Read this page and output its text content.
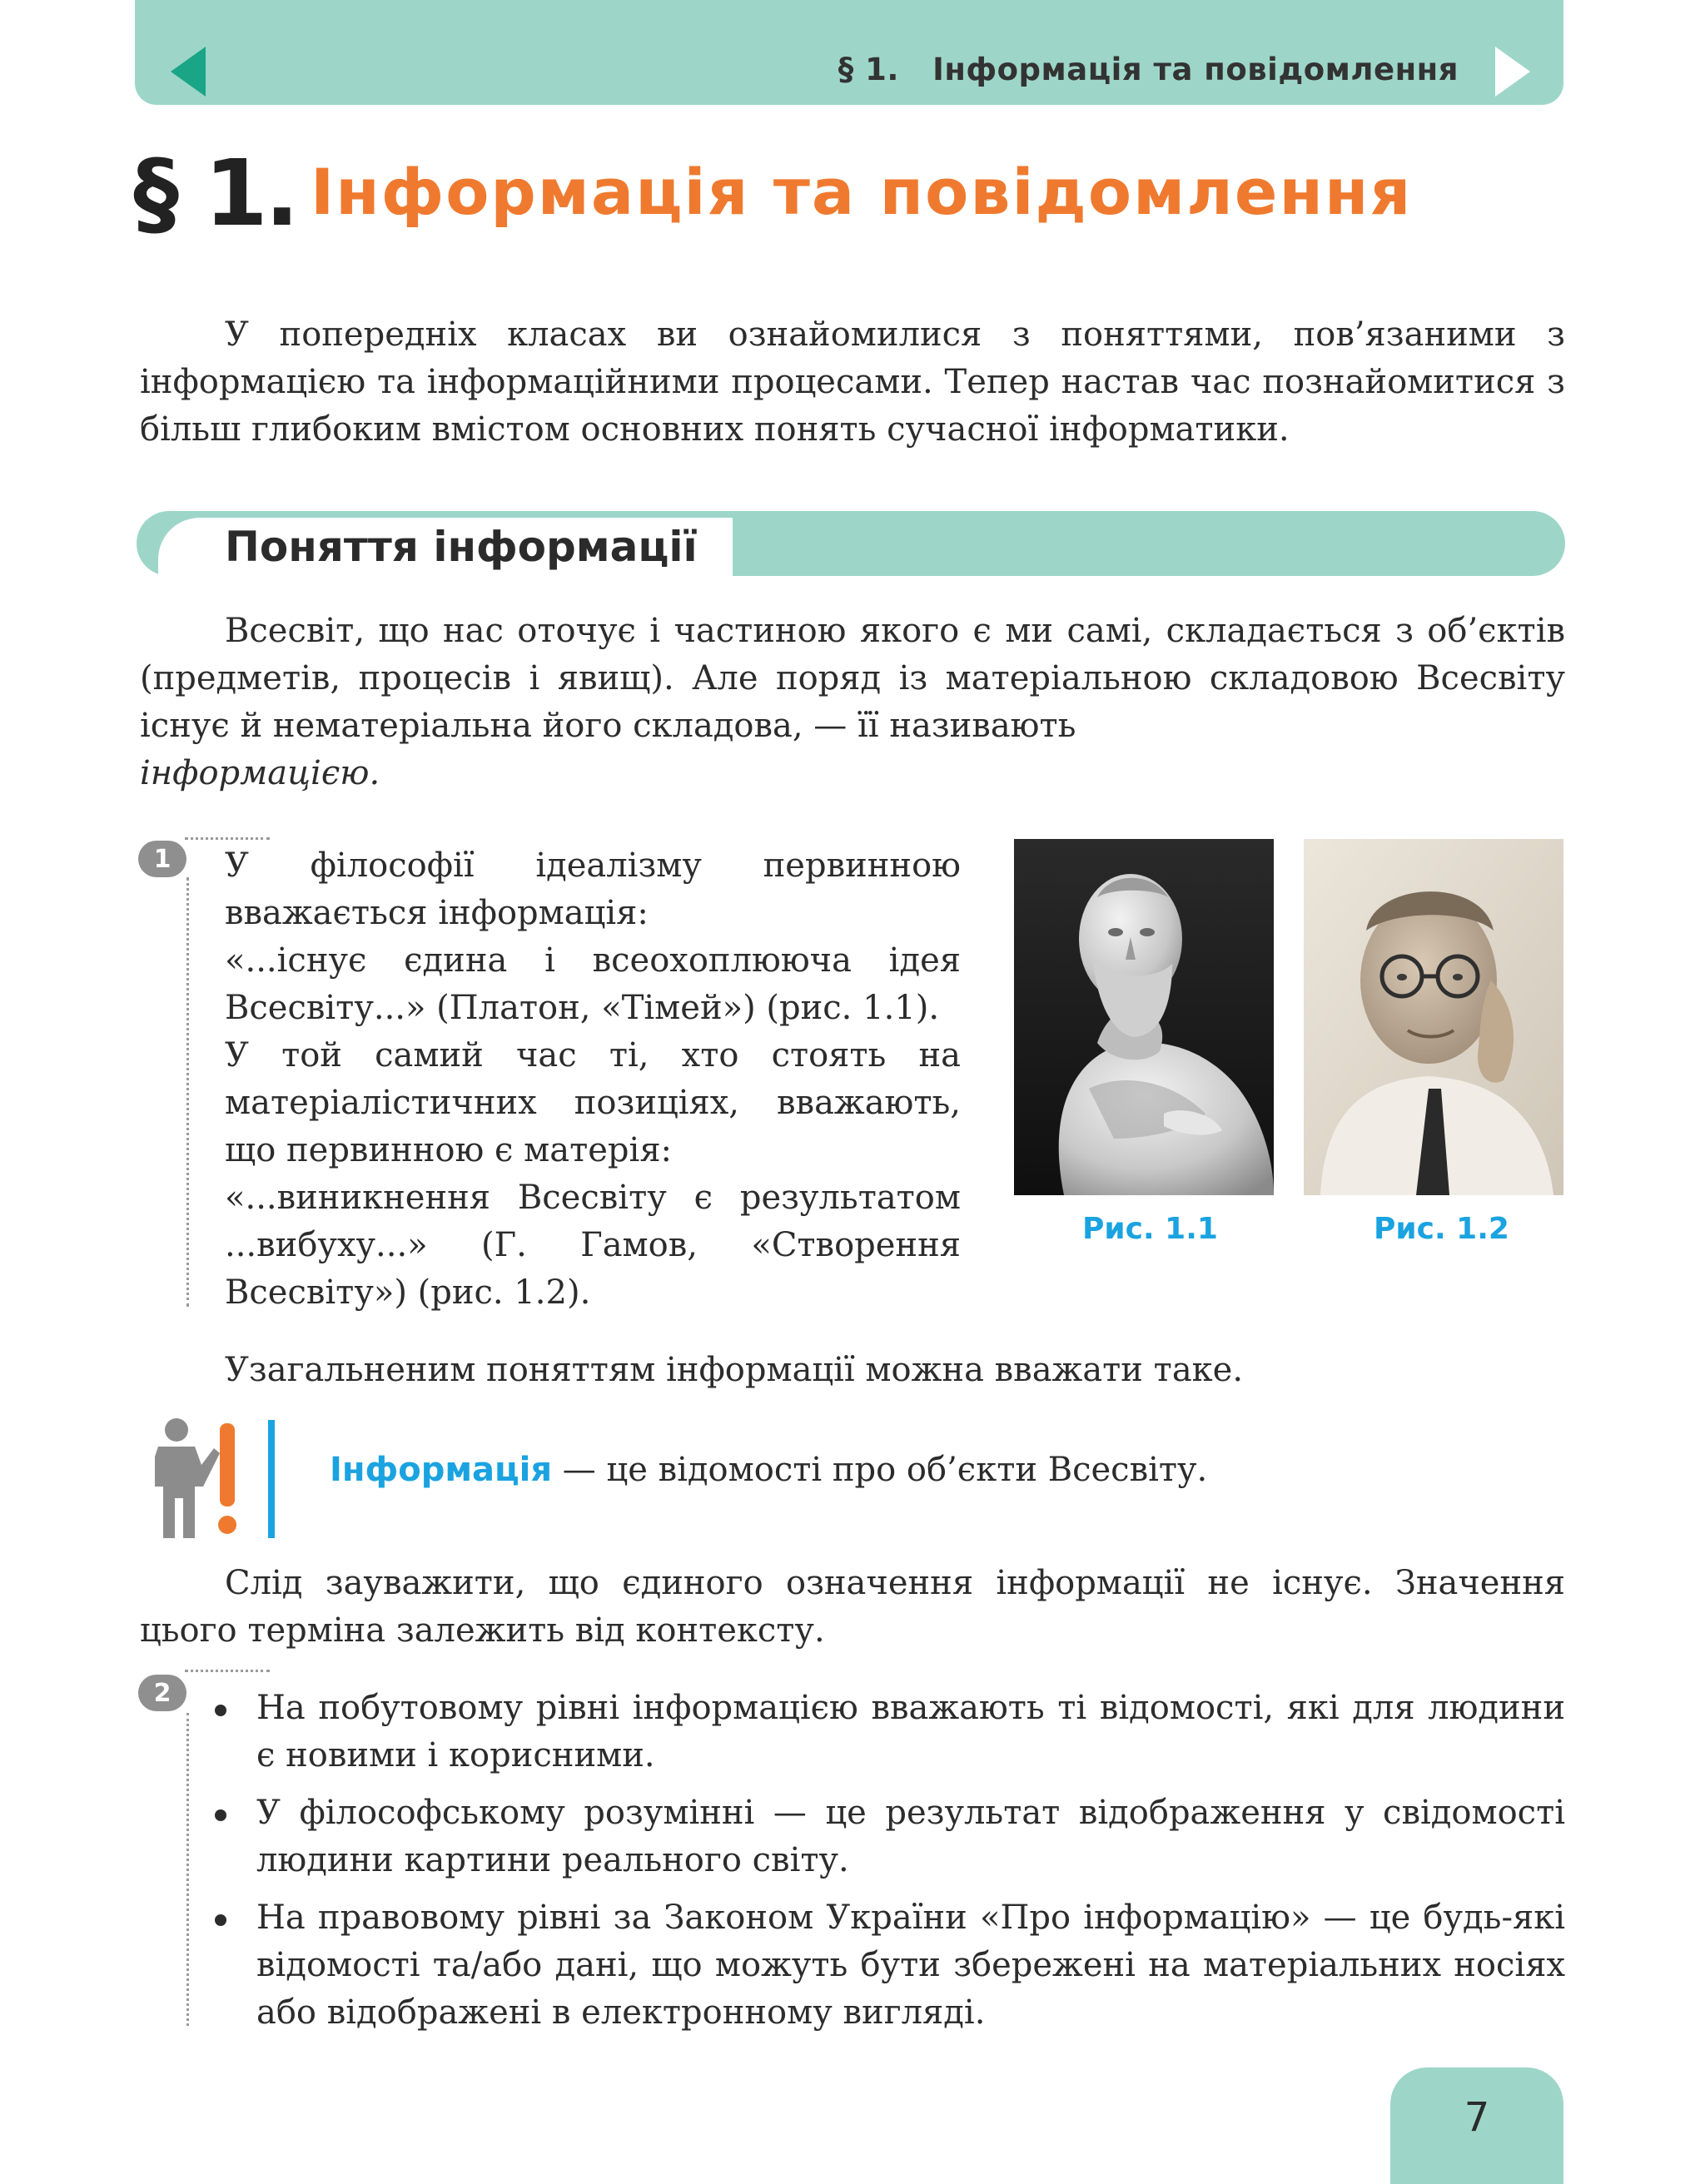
§ 1.   Інформація та повідомлення
§ 1. Інформація та повідомлення

У попередніх класах ви ознайомилися з поняттями, пов’язаними з інформацією та інформаційними процесами. Тепер настав час познайомитися з більш глибоким вмістом основних понять сучасної інформатики.

Поняття інформації

Всесвіт, що нас оточує і частиною якого є ми самі, складається з об’єктів (предметів, процесів і явищ). Але поряд із матеріальною складовою Всесвіту існує й нематеріальна його складова, — її називають
інформацією.

1	У філософії ідеалізму первинною вважається інформація:

«...існує єдина і всеохоплююча ідея Всесвіту...» (Платон, «Тімей») (рис. 1.1).

У той самий час ті, хто стоять на матеріалістичних позиціях, вважають, що первинною є матерія:

«...виникнення Всесвіту є результатом ...вибуху...» (Г. Гамов, «Створення Всесвіту») (рис. 1.2).

Рис. 1.1	Рис. 1.2

Узагальненим поняттям інформації можна вважати таке.

Інформація — це відомості про об’єкти Всесвіту.

Слід зауважити, що єдиного означення інформації не існує. Значення цього терміна залежить від контексту.

2	На побутовому рівні інформацією вважають ті відомості, які для людини є новими і корисними.
У філософському розумінні — це результат відображення у свідомості людини картини реального світу.
На правовому рівні за Законом України «Про інформацію» — це будь-які відомості та/або дані, що можуть бути збережені на матеріальних носіях або відображені в електронному вигляді.
7
